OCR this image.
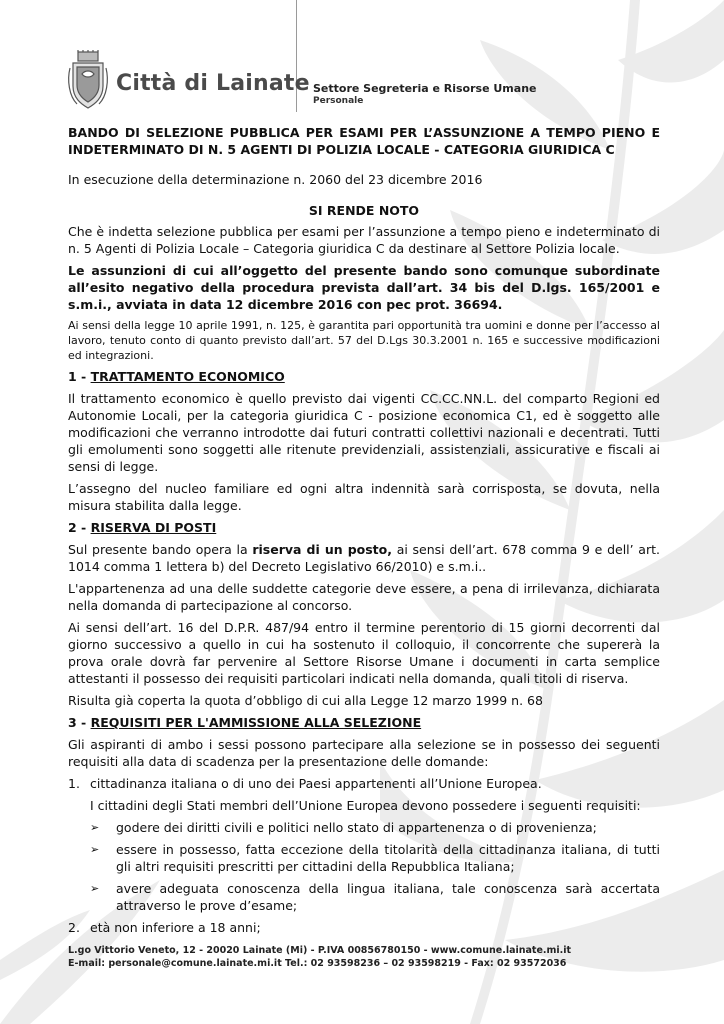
Città di Lainate Settore Segreteria e Risorse Umane
Personale

BANDO DI SELEZIONE PUBBLICA PER ESAMI PER L’ASSUNZIONE A TEMPO PIENO E INDETERMINATO DI N. 5 AGENTI DI POLIZIA LOCALE - CATEGORIA GIURIDICA C

In esecuzione della determinazione n. 2060 del 23 dicembre 2016

SI RENDE NOTO

Che è indetta selezione pubblica per esami per l’assunzione a tempo pieno e indeterminato di n. 5 Agenti di Polizia Locale – Categoria giuridica C da destinare al Settore Polizia locale.

Le assunzioni di cui all’oggetto del presente bando sono comunque subordinate all’esito negativo della procedura prevista dall’art. 34 bis del D.lgs. 165/2001 e s.m.i., avviata in data 12 dicembre 2016 con pec prot. 36694.

Ai sensi della legge 10 aprile 1991, n. 125, è garantita pari opportunità tra uomini e donne per l’accesso al lavoro, tenuto conto di quanto previsto dall’art. 57 del D.Lgs 30.3.2001 n. 165 e successive modificazioni ed integrazioni.

1 - TRATTAMENTO ECONOMICO

Il trattamento economico è quello previsto dai vigenti CC.CC.NN.L. del comparto Regioni ed Autonomie Locali, per la categoria giuridica C - posizione economica C1, ed è soggetto alle modificazioni che verranno introdotte dai futuri contratti collettivi nazionali e decentrati. Tutti gli emolumenti sono soggetti alle ritenute previdenziali, assistenziali, assicurative e fiscali ai sensi di legge.

L’assegno del nucleo familiare ed ogni altra indennità sarà corrisposta, se dovuta, nella misura stabilita dalla legge.

2 - RISERVA DI POSTI

Sul presente bando opera la riserva di un posto, ai sensi dell’art. 678 comma 9 e dell’ art. 1014 comma 1 lettera b) del Decreto Legislativo 66/2010) e s.m.i..

L'appartenenza ad una delle suddette categorie deve essere, a pena di irrilevanza, dichiarata nella domanda di partecipazione al concorso.

Ai sensi dell’art. 16 del D.P.R. 487/94 entro il termine perentorio di 15 giorni decorrenti dal giorno successivo a quello in cui ha sostenuto il colloquio, il concorrente che supererà la prova orale dovrà far pervenire al Settore Risorse Umane i documenti in carta semplice attestanti il possesso dei requisiti particolari indicati nella domanda, quali titoli di riserva.

Risulta già coperta la quota d’obbligo di cui alla Legge 12 marzo 1999 n. 68

3 - REQUISITI PER L'AMMISSIONE ALLA SELEZIONE

Gli aspiranti di ambo i sessi possono partecipare alla selezione se in possesso dei seguenti requisiti alla data di scadenza per la presentazione delle domande:

1. cittadinanza italiana o di uno dei Paesi appartenenti all’Unione Europea.

I cittadini degli Stati membri dell’Unione Europea devono possedere i seguenti requisiti:

➢	godere dei diritti civili e politici nello stato di appartenenza o di provenienza;
➢	essere in possesso, fatta eccezione della titolarità della cittadinanza italiana, di tutti gli altri requisiti prescritti per cittadini della Repubblica Italiana;
➢	avere adeguata conoscenza della lingua italiana, tale conoscenza sarà accertata attraverso le prove d’esame;
2. età non inferiore a 18 anni;
L.go Vittorio Veneto, 12 - 20020 Lainate (Mi) - P.IVA 00856780150 - www.comune.lainate.mi.it
E-mail: personale@comune.lainate.mi.it Tel.: 02 93598236 – 02 93598219 - Fax: 02 93572036
